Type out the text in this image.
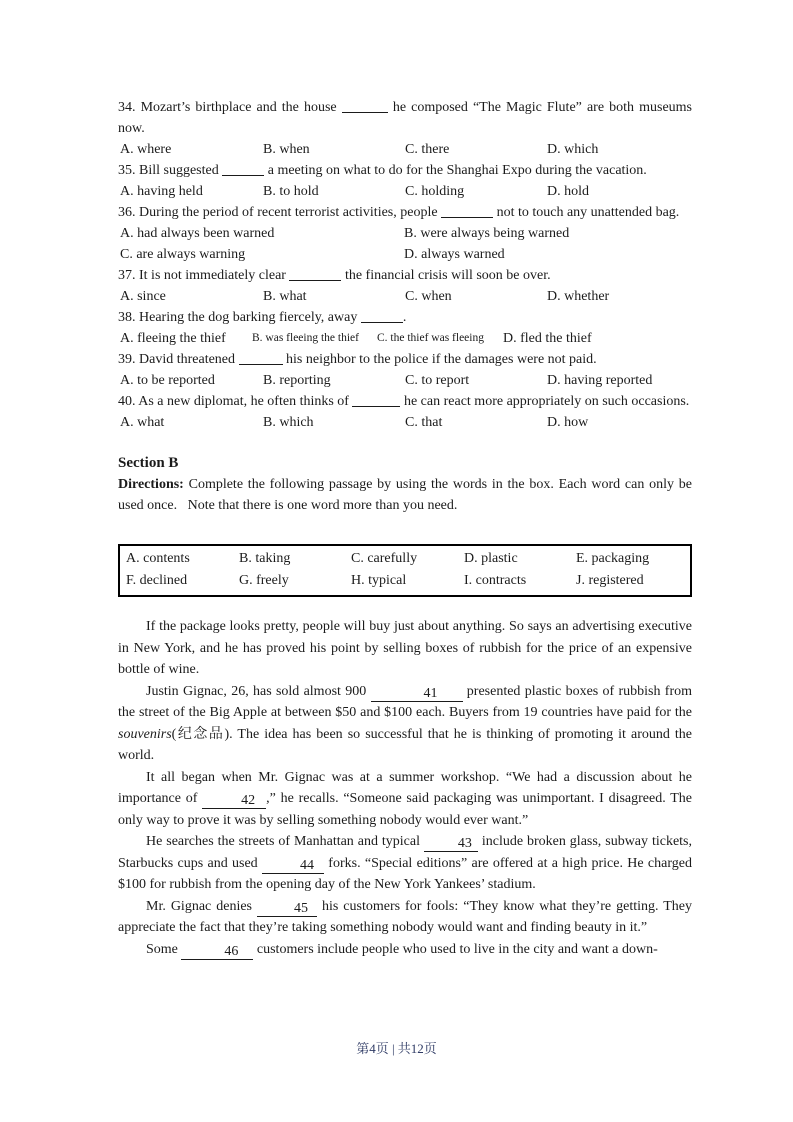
34. Mozart’s birthplace and the house	he composed “The Magic Flute” are both museums now.
A. where	B. when	C. there	D. which
35. Bill suggested	a meeting on what to do for the Shanghai Expo during the vacation.
A. having held	B. to hold	C. holding	D. hold
36. During the period of recent terrorist activities, people	not to touch any unattended bag.
A. had always been warned	B. were always being warned
C. are always warning	D. always warned
37. It is not immediately clear	the financial crisis will soon be over.
A. since	B. what	C. when	D. whether
38. Hearing the dog barking fiercely, away	.
A. fleeing the thief	B. was fleeing the thief	C. the thief was fleeing	D. fled the thief
39. David threatened	his neighbor to the police if the damages were not paid.
A. to be reported	B. reporting	C. to report	D. having reported
40. As a new diplomat, he often thinks of	he can react more appropriately on such occasions.
A. what	B. which	C. that	D. how
Section B

Directions: Complete the following passage by using the words in the box. Each word can only be used once.   Note that there is one word more than you need.

A. contents	B. taking	C. carefully	D. plastic	E. packaging
F. declined	G. freely	H. typical	I. contracts	J. registered

If the package looks pretty, people will buy just about anything. So says an advertising executive in New York, and he has proved his point by selling boxes of rubbish for the price of an expensive bottle of wine.

Justin Gignac, 26, has sold almost 900	41 presented plastic boxes of rubbish from the street of the Big Apple at between $50 and $100 each. Buyers from 19 countries have paid for the souvenirs(纪念品). The idea has been so successful that he is thinking of promoting it around the world.

It all began when Mr. Gignac was at a summer workshop. “We had a discussion about he importance of	42 ,” he recalls. “Someone said packaging was unimportant. I disagreed. The only way to prove it was by selling something nobody would ever want.”

He searches the streets of Manhattan and typical 43 include broken glass, subway tickets, Starbucks cups and used	44 forks. “Special editions” are offered at a high price. He charged $100 for rubbish from the opening day of the New York Yankees’ stadium.

Mr. Gignac denies	45 his customers for fools: “They know what they’re getting. They appreciate the fact that they’re taking something nobody would want and finding beauty in it.”

Some	46 customers include people who used to live in the city and want a down-

第4页 | 共12页
